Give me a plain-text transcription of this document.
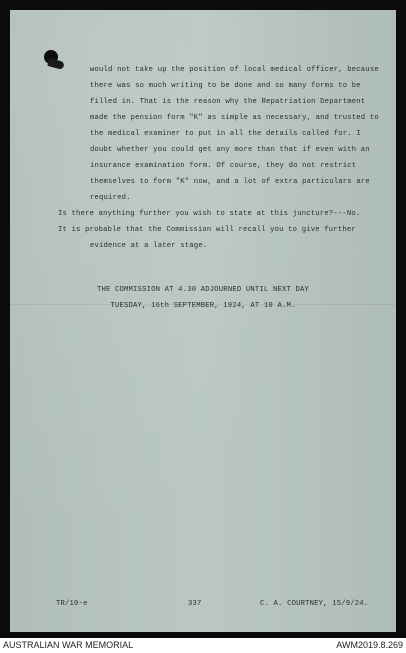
would not take up the position of local medical officer, because

there was so much writing to be done and so many forms to be

filled in. That is the reason why the Repatriation Department

made the pension form "K" as simple as necessary, and trusted to

the medical examiner to put in all the details called for. I

doubt whether you could get any more than that if even with an

insurance examination form. Of course, they do not restrict

themselves to form "K" now, and a lot of extra particulars are

required.

Is there anything further you wish to state at this juncture?---No.

It is probable that the Commission will recall you to give further

evidence at a later stage.

THE COMMISSION AT 4.30 ADJOURNED UNTIL NEXT DAY

TUESDAY, 16th SEPTEMBER, 1924, AT 10 A.M.

TR/10-e	337	C. A. COURTNEY, 15/9/24.

AUSTRALIAN WAR MEMORIAL	AWM2019.8.269
